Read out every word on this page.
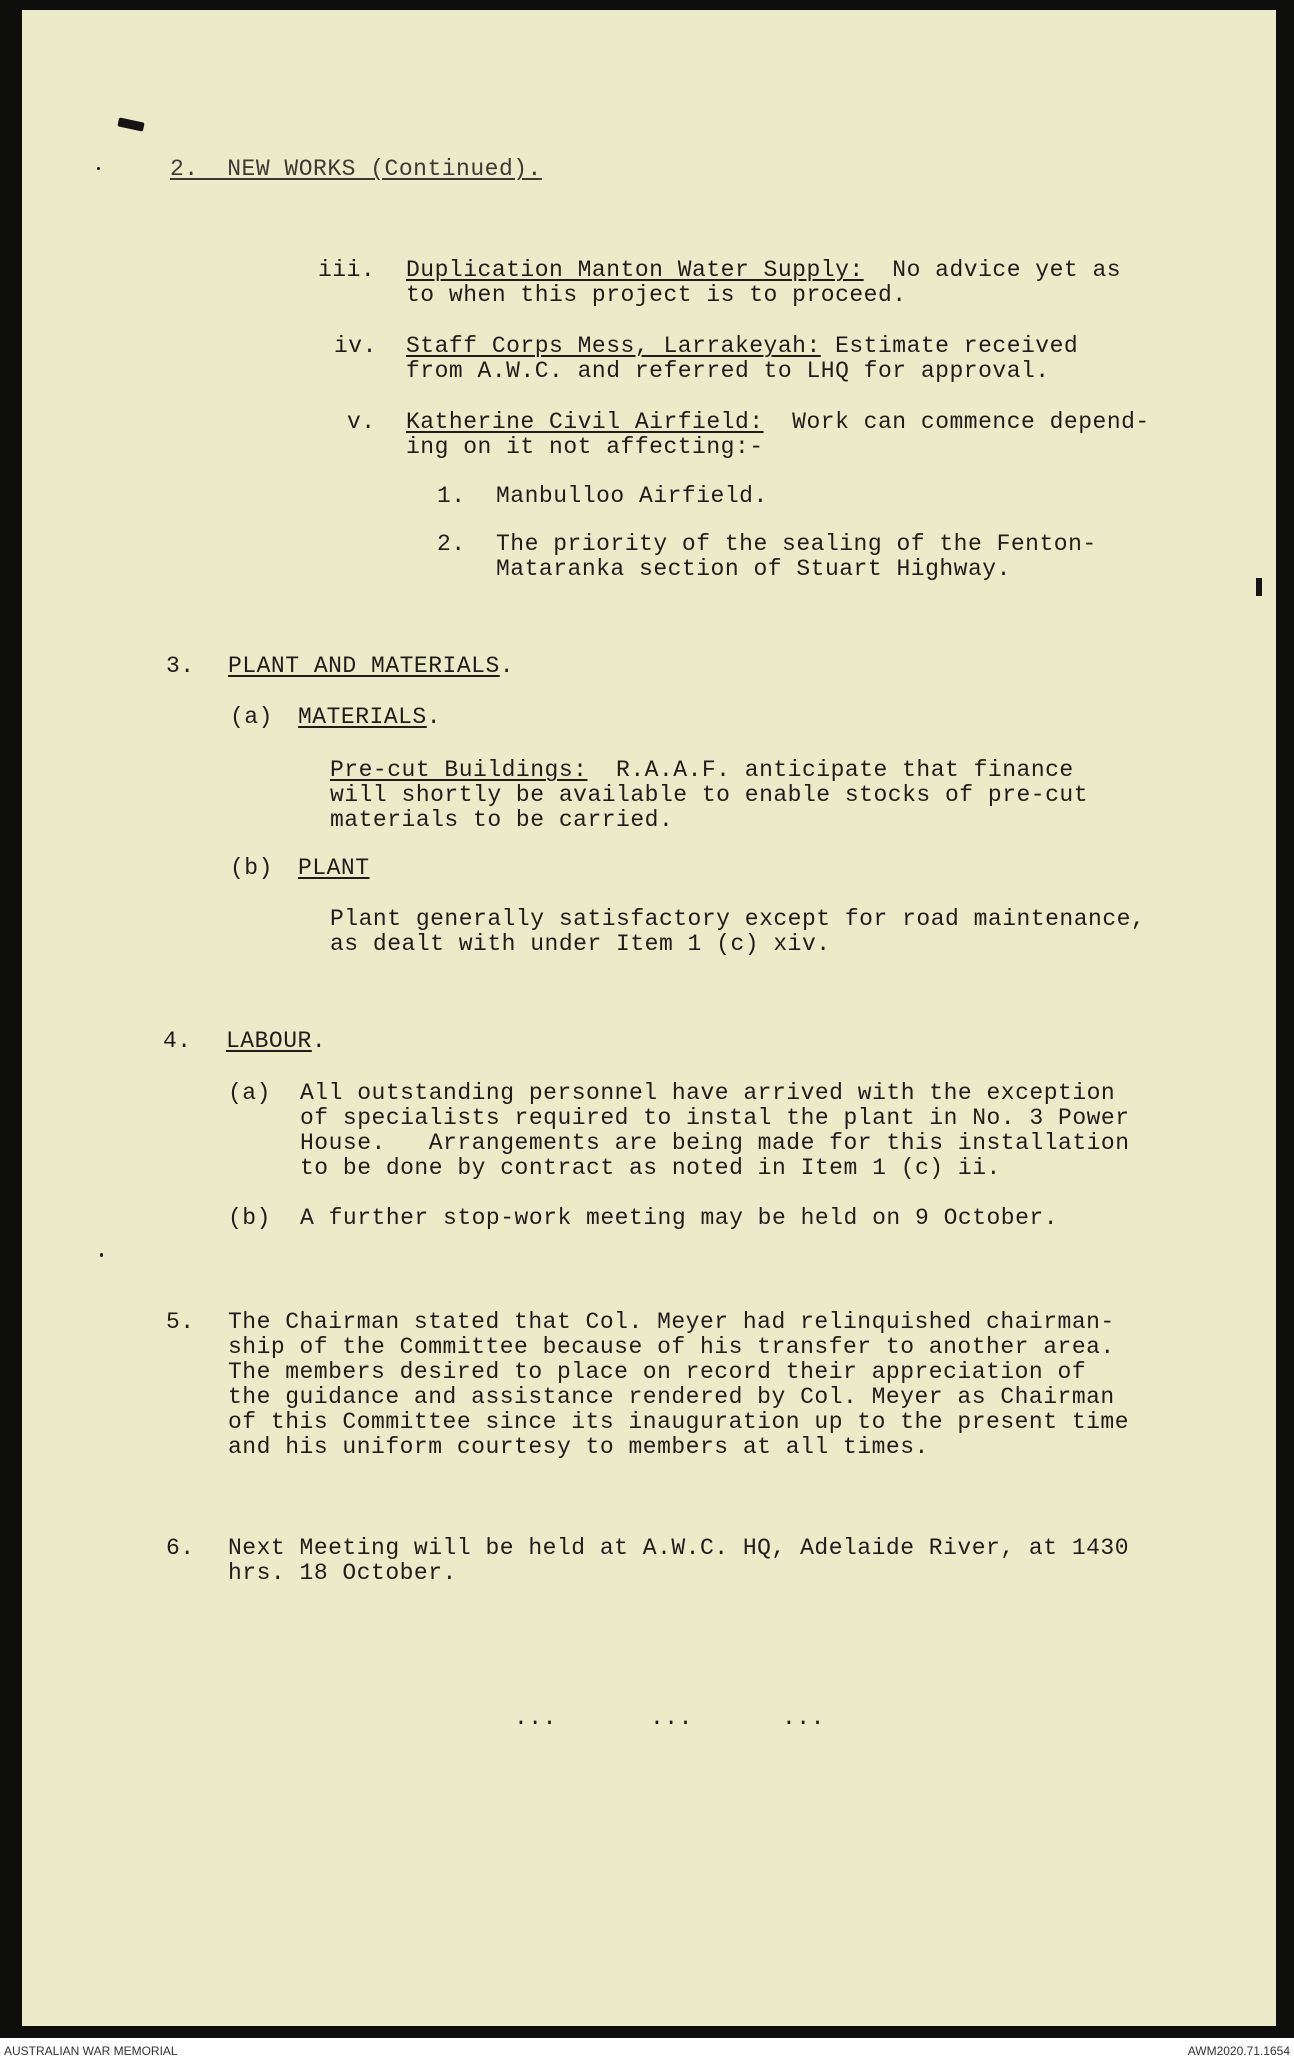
2.  NEW WORKS (Continued).

iii. Duplication Manton Water Supply:  No advice yet as

to when this project is to proceed.

iv. Staff Corps Mess, Larrakeyah: Estimate received

from A.W.C. and referred to LHQ for approval.

v. Katherine Civil Airfield:  Work can commence depend-

ing on it not affecting:-

1. Manbulloo Airfield.

2. The priority of the sealing of the Fenton-

Mataranka section of Stuart Highway.

3. PLANT AND MATERIALS.

(a) MATERIALS.

Pre-cut Buildings:  R.A.A.F. anticipate that finance

will shortly be available to enable stocks of pre-cut

materials to be carried.

(b) PLANT

Plant generally satisfactory except for road maintenance,

as dealt with under Item 1 (c) xiv.

4. LABOUR.

(a) All outstanding personnel have arrived with the exception

of specialists required to instal the plant in No. 3 Power

House.   Arrangements are being made for this installation

to be done by contract as noted in Item 1 (c) ii.

(b) A further stop-work meeting may be held on 9 October.

5. The Chairman stated that Col. Meyer had relinquished chairman-

ship of the Committee because of his transfer to another area.

The members desired to place on record their appreciation of

the guidance and assistance rendered by Col. Meyer as Chairman

of this Committee since its inauguration up to the present time

and his uniform courtesy to members at all times.

6. Next Meeting will be held at A.W.C. HQ, Adelaide River, at 1430

hrs. 18 October.

...	...	...

AUSTRALIAN WAR MEMORIAL	AWM2020.71.1654
